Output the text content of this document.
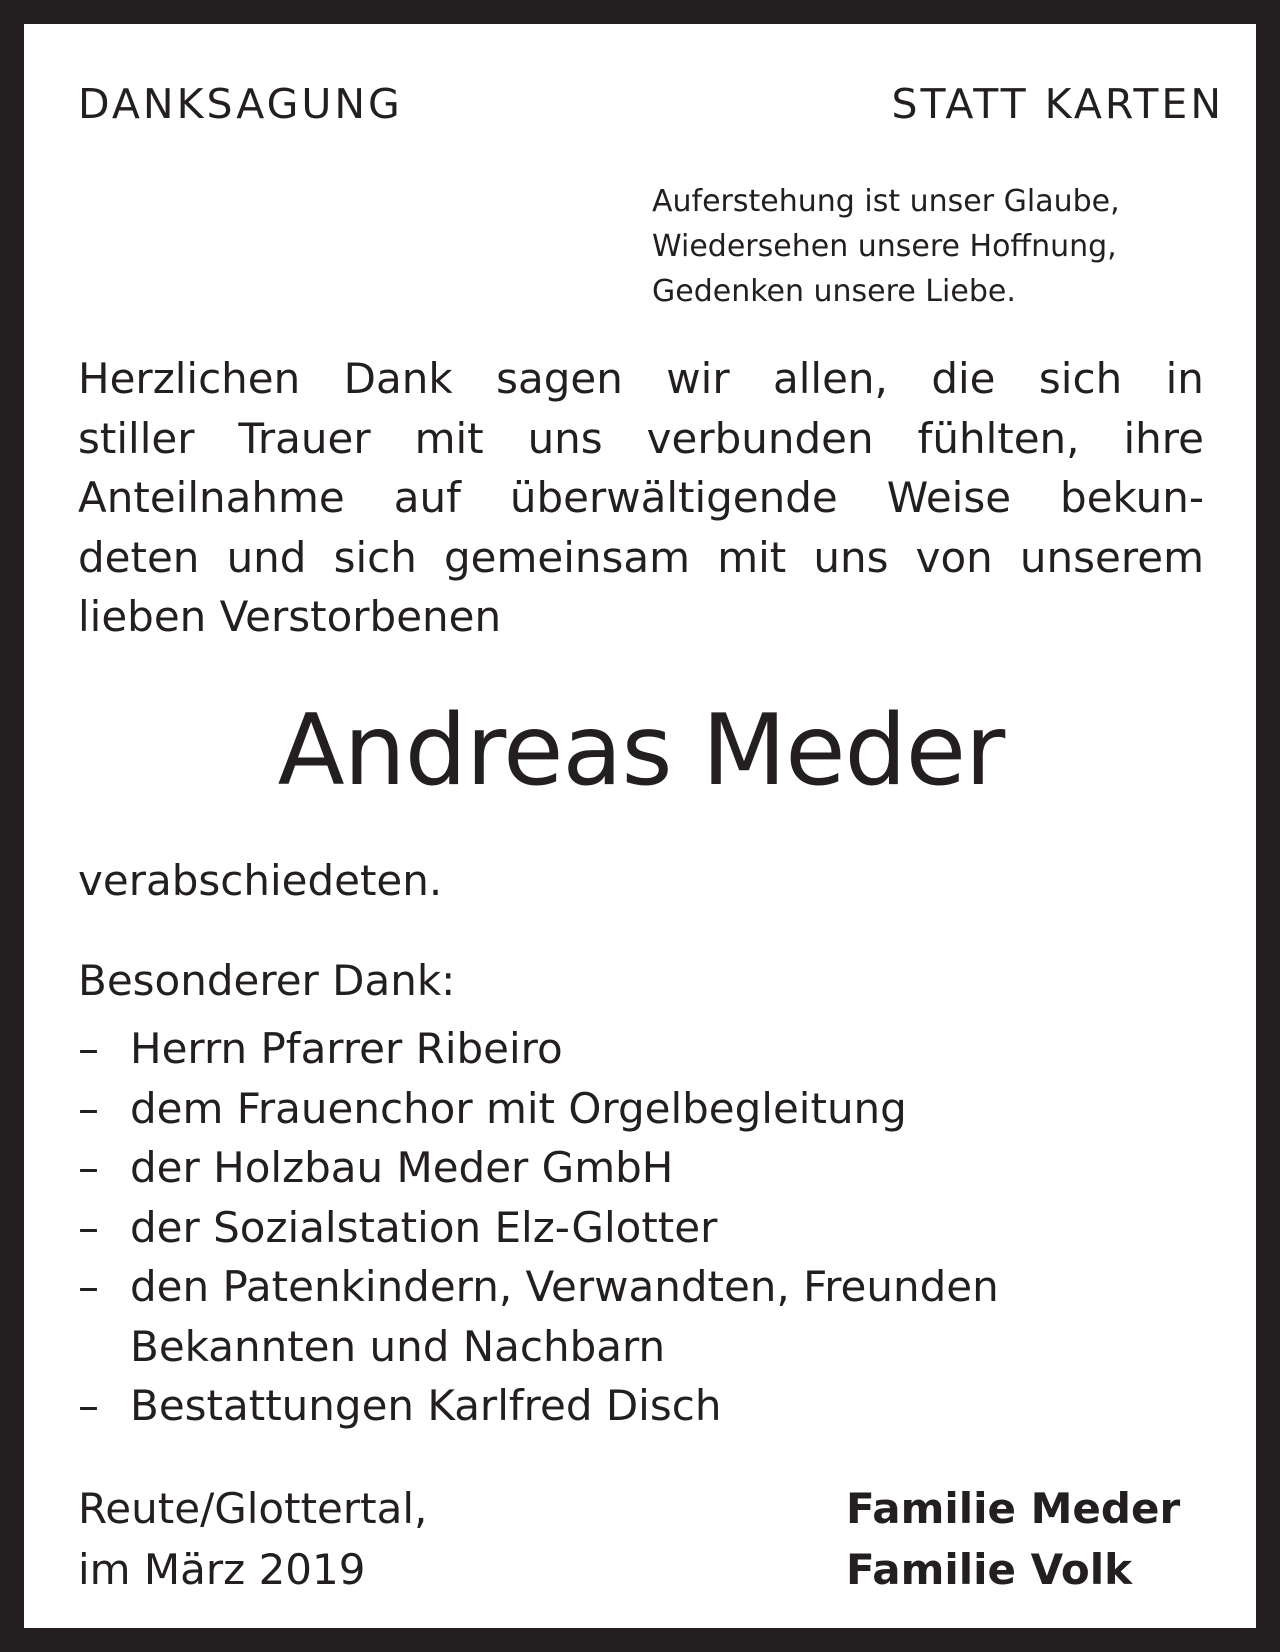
DANKSAGUNG	STATT KARTEN
Auferstehung ist unser Glaube,
Wiedersehen unsere Hoffnung,
Gedenken unsere Liebe.
Herzlichen Dank sagen wir allen, die sich in
stiller Trauer mit uns verbunden fühlten, ihre
Anteilnahme auf überwältigende Weise bekun-
deten und sich gemeinsam mit uns von unserem
lieben Verstorbenen
Andreas Meder
verabschiedeten.
Besonderer Dank:
– Herrn Pfarrer Ribeiro
– dem Frauenchor mit Orgelbegleitung
– der Holzbau Meder GmbH
– der Sozialstation Elz-Glotter
– den Patenkindern, Verwandten, Freunden
Bekannten und Nachbarn
– Bestattungen Karlfred Disch
Reute/Glottertal,
im März 2019
Familie Meder
Familie Volk
